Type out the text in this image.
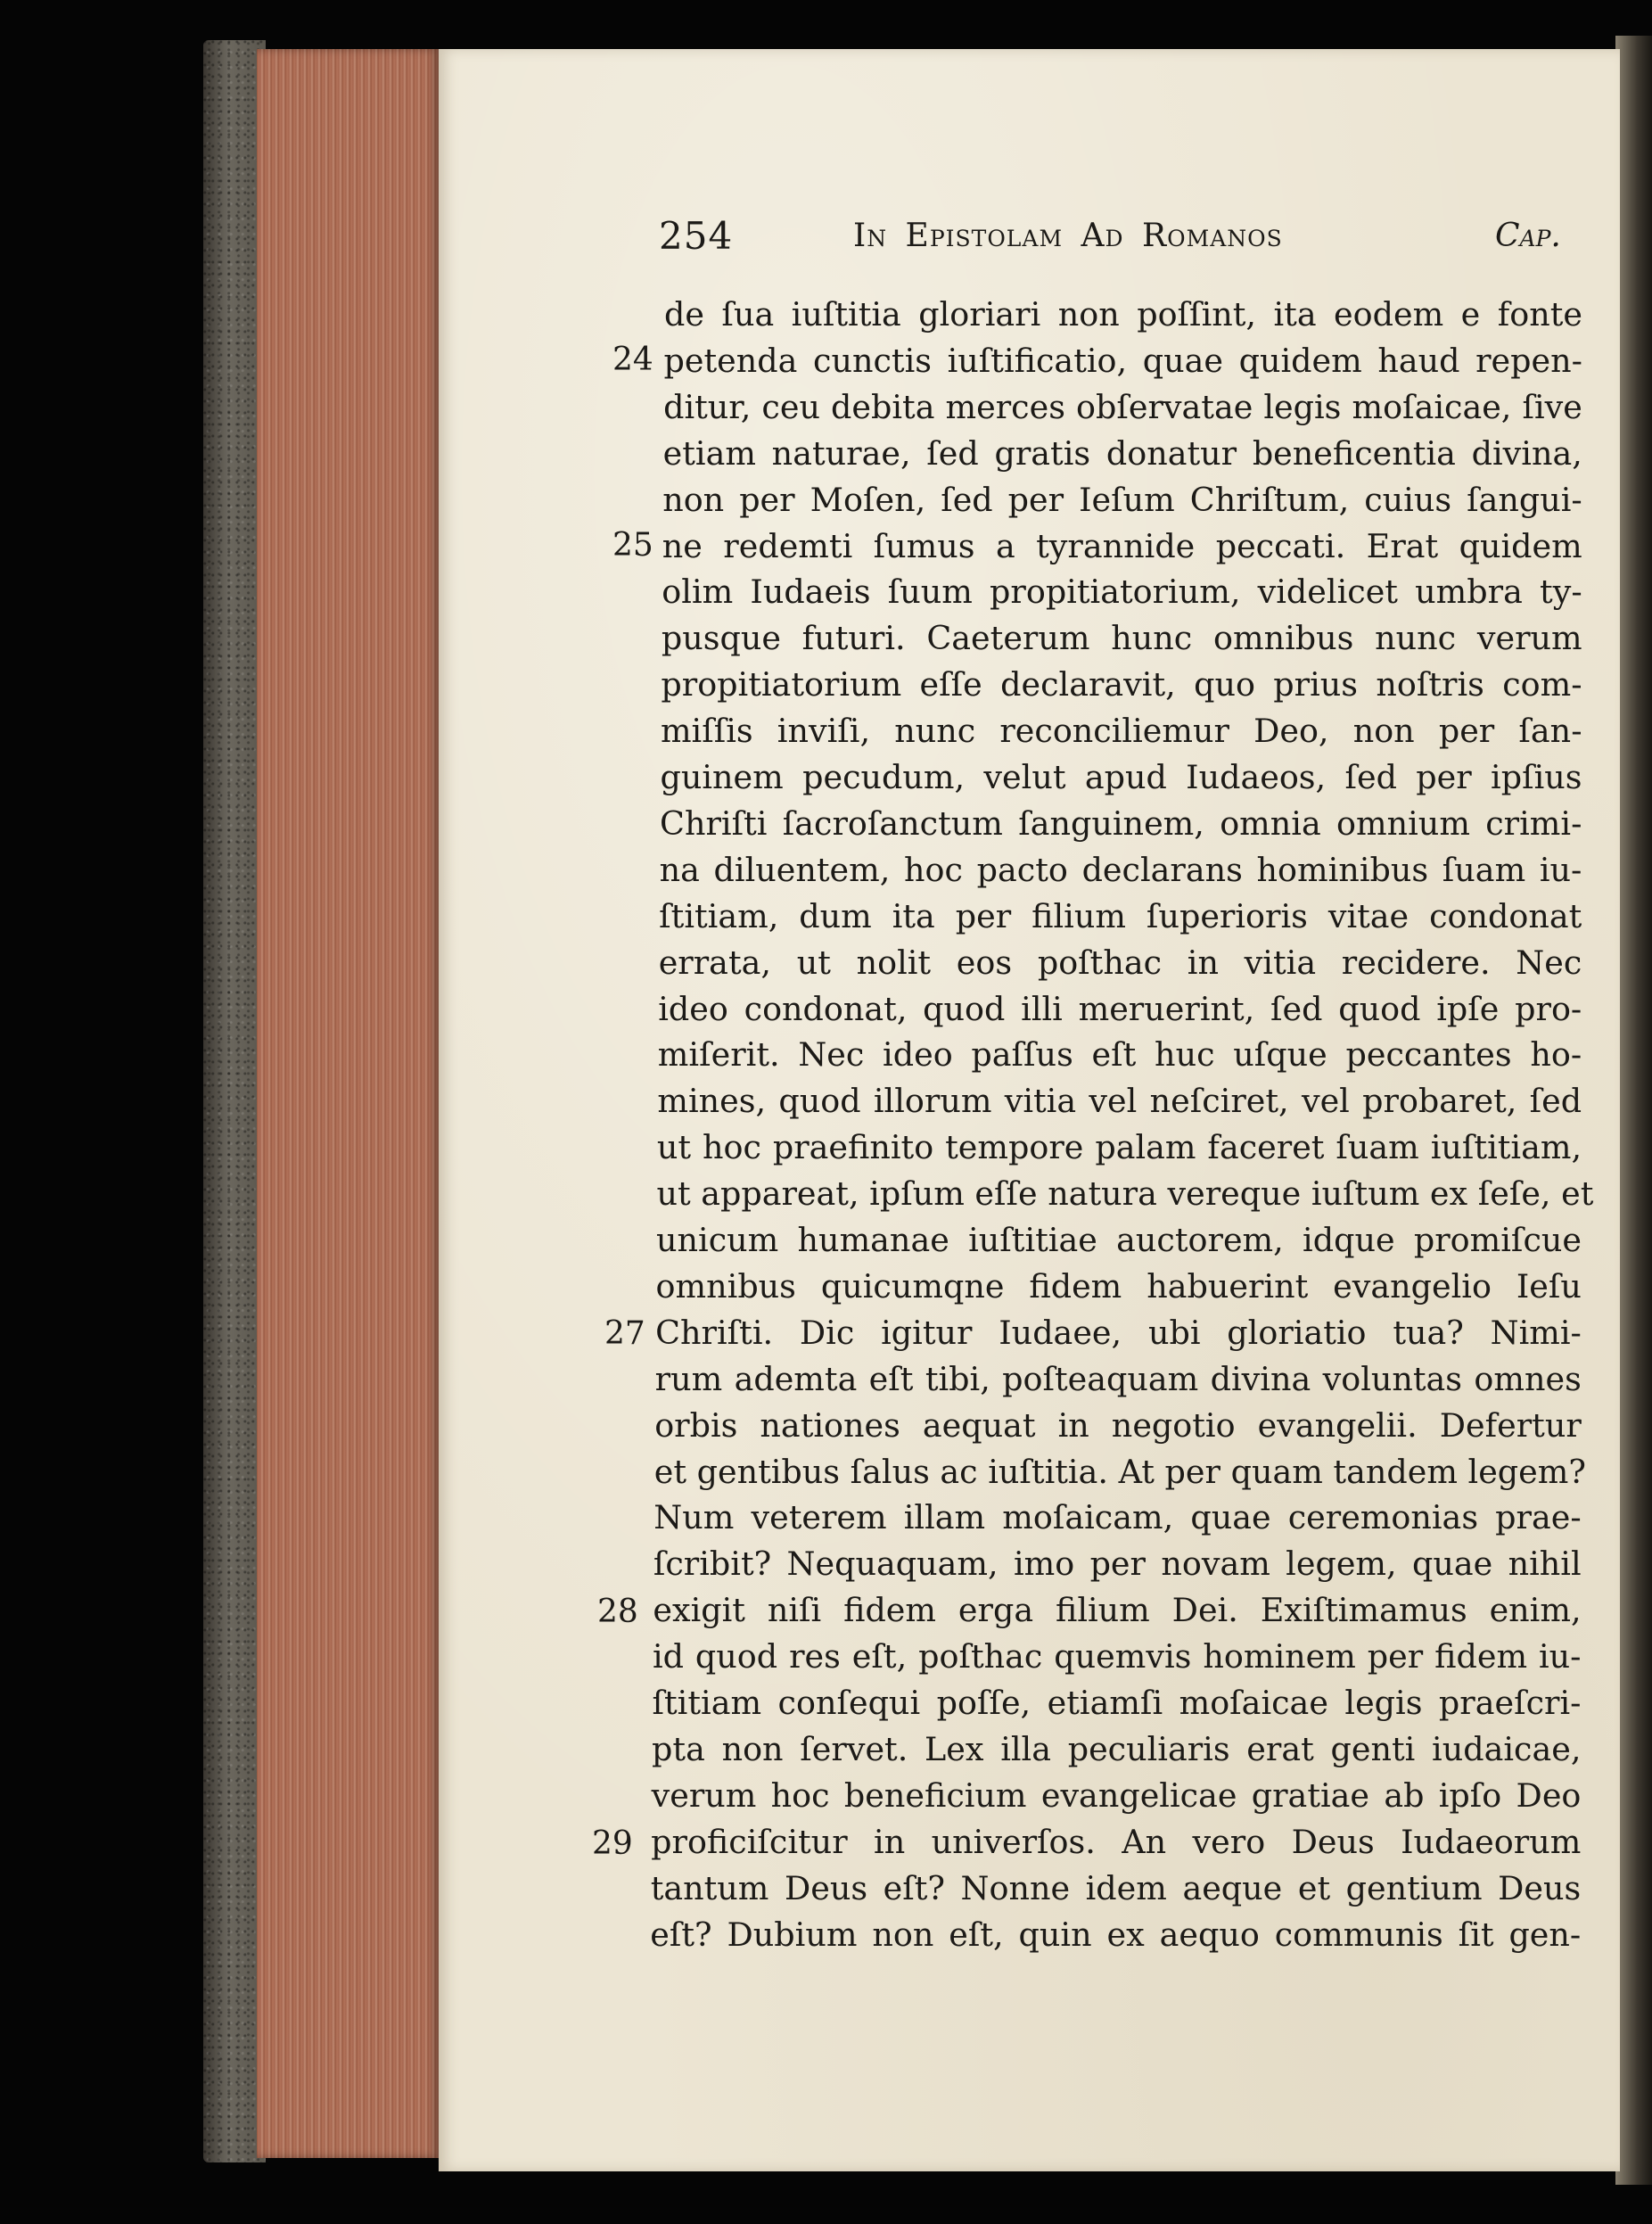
254	In Epistolam Ad Romanos	Cap.
24
25
27
28
29
de ſua iuſtitia gloriari non poſſint, ita eodem e fonte
petenda cunctis iuſtificatio, quae quidem haud repen-
ditur, ceu debita merces obſervatae legis moſaicae, ſive
etiam naturae, ſed gratis donatur beneficentia divina,
non per Moſen, ſed per Ieſum Chriſtum, cuius ſangui-
ne redemti ſumus a tyrannide peccati. Erat quidem
olim Iudaeis ſuum propitiatorium, videlicet umbra ty-
pusque futuri. Caeterum hunc omnibus nunc verum
propitiatorium eſſe declaravit, quo prius noſtris com-
miſſis inviſi, nunc reconciliemur Deo, non per ſan-
guinem pecudum, velut apud Iudaeos, ſed per ipſius
Chriſti ſacroſanctum ſanguinem, omnia omnium crimi-
na diluentem, hoc pacto declarans hominibus ſuam iu-
ſtitiam, dum ita per filium ſuperioris vitae condonat
errata, ut nolit eos poſthac in vitia recidere. Nec
ideo condonat, quod illi meruerint, ſed quod ipſe pro-
miſerit. Nec ideo paſſus eſt huc uſque peccantes ho-
mines, quod illorum vitia vel neſciret, vel probaret, ſed
ut hoc praefinito tempore palam faceret ſuam iuſtitiam,
ut appareat, ipſum eſſe natura vereque iuſtum ex ſeſe, et
unicum humanae iuſtitiae auctorem, idque promiſcue
omnibus quicumqne fidem habuerint evangelio Ieſu
Chriſti. Dic igitur Iudaee, ubi gloriatio tua? Nimi-
rum ademta eſt tibi, poſteaquam divina voluntas omnes
orbis nationes aequat in negotio evangelii. Defertur
et gentibus ſalus ac iuſtitia. At per quam tandem legem?
Num veterem illam moſaicam, quae ceremonias prae-
ſcribit? Nequaquam, imo per novam legem, quae nihil
exigit niſi fidem erga filium Dei. Exiſtimamus enim,
id quod res eſt, poſthac quemvis hominem per fidem iu-
ſtitiam conſequi poſſe, etiamſi moſaicae legis praeſcri-
pta non ſervet. Lex illa peculiaris erat genti iudaicae,
verum hoc beneficium evangelicae gratiae ab ipſo Deo
proficiſcitur in univerſos. An vero Deus Iudaeorum
tantum Deus eſt? Nonne idem aeque et gentium Deus
eſt? Dubium non eſt, quin ex aequo communis ſit gen-
